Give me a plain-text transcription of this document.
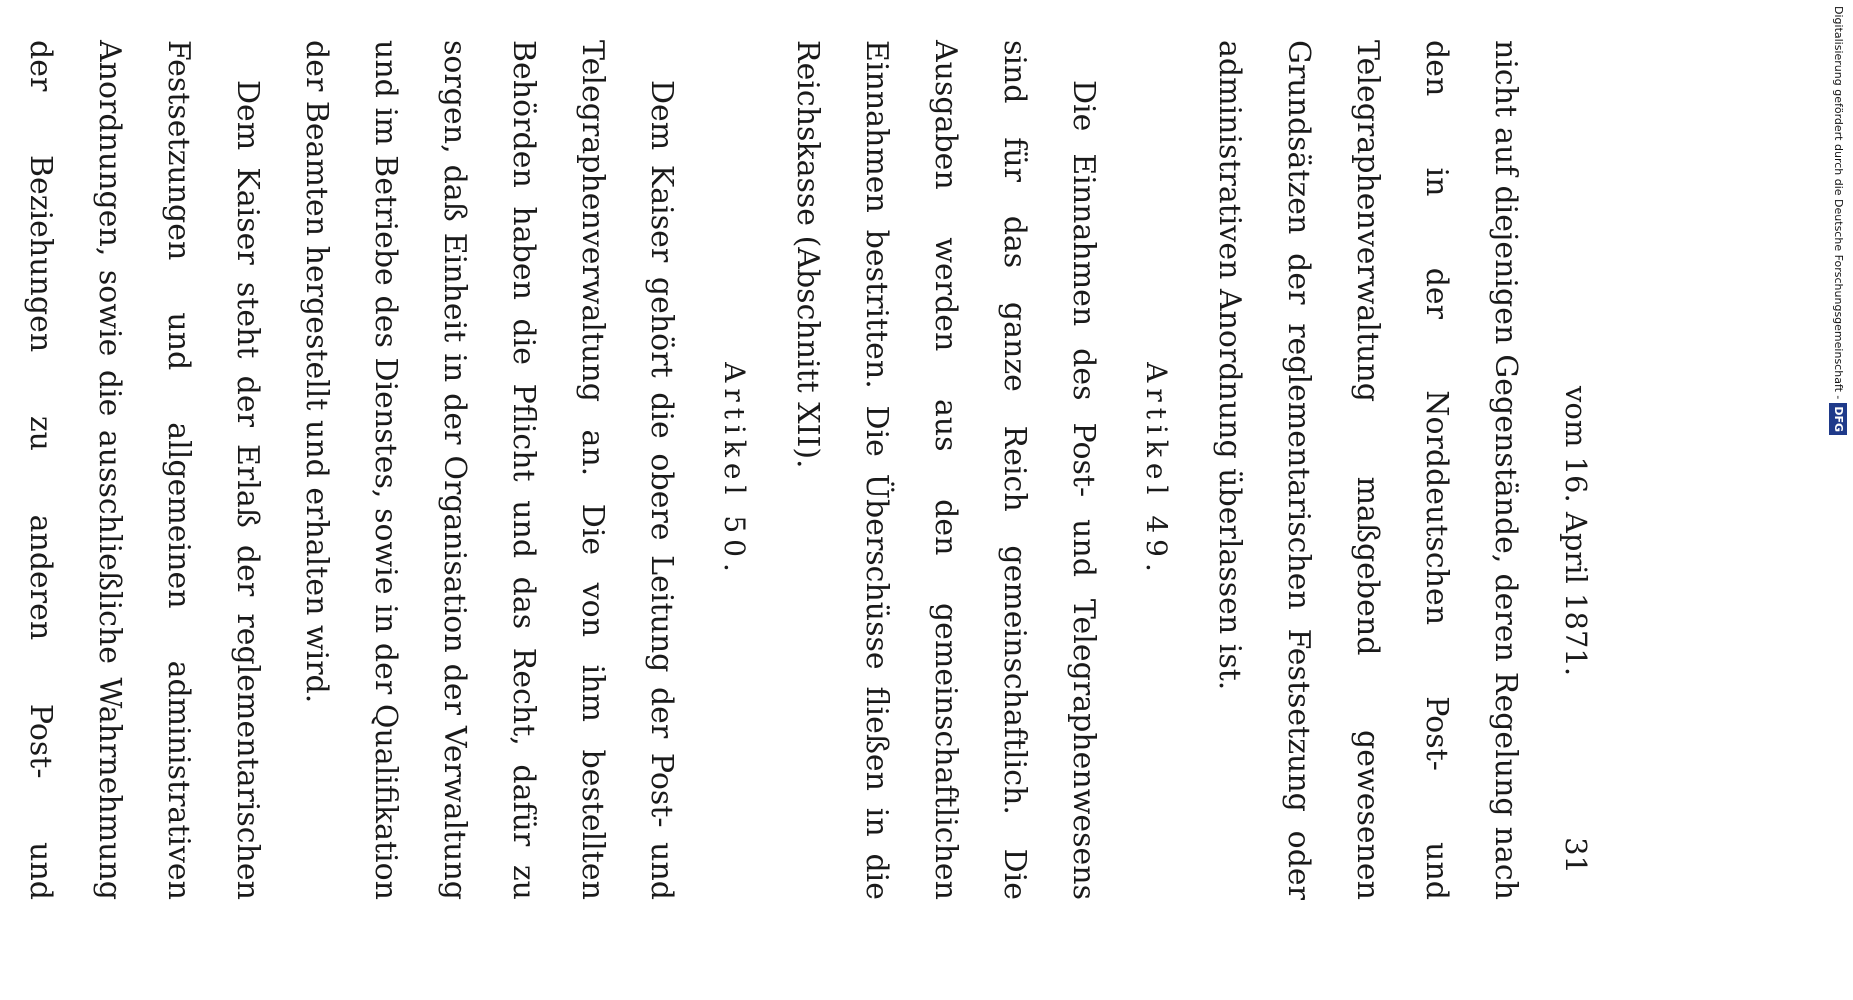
vom 16. April 1871.
31

nicht auf diejenigen Gegenstände, deren Regelung nach den in der Norddeutschen Post- und Telegraphenverwaltung maßgebend gewesenen Grundsätzen der reglementarischen Festsetzung oder administrativen Anordnung überlassen ist.

Artikel 49.

Die Einnahmen des Post- und Telegraphenwesens sind für das ganze Reich gemeinschaftlich. Die Ausgaben werden aus den gemeinschaftlichen Einnahmen bestritten. Die Überschüsse fließen in die Reichskasse (Abschnitt XII).

Artikel 50.

Dem Kaiser gehört die obere Leitung der Post- und Telegraphenverwaltung an. Die von ihm bestellten Behörden haben die Pflicht und das Recht, dafür zu sorgen, daß Einheit in der Organisation der Verwaltung und im Betriebe des Dienstes, sowie in der Qualifikation der Beamten hergestellt und erhalten wird.

Dem Kaiser steht der Erlaß der reglementarischen Festsetzungen und allgemeinen administrativen Anordnungen, sowie die ausschließliche Wahrnehmung der Beziehungen zu anderen Post- und

Digitalisierung gefördert durch die Deutsche Forschungsgemeinschaft -DFG
